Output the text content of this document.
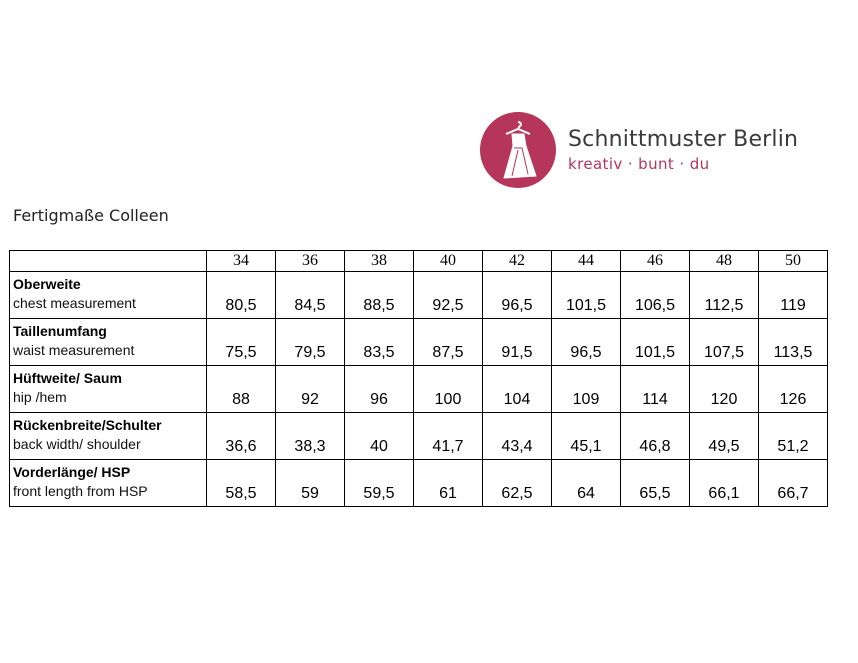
Schnittmuster Berlin
kreativ · bunt · du
Fertigmaße Colleen
	34	36	38	40	42	44	46	48	50

Oberweite
chest measurement	80,5	84,5	88,5	92,5	96,5	101,5	106,5	112,5	119

Taillenumfang
waist measurement	75,5	79,5	83,5	87,5	91,5	96,5	101,5	107,5	113,5

Hüftweite/ Saum
hip /hem	88	92	96	100	104	109	114	120	126

Rückenbreite/Schulter
back width/ shoulder	36,6	38,3	40	41,7	43,4	45,1	46,8	49,5	51,2

Vorderlänge/ HSP
front length from HSP	58,5	59	59,5	61	62,5	64	65,5	66,1	66,7
